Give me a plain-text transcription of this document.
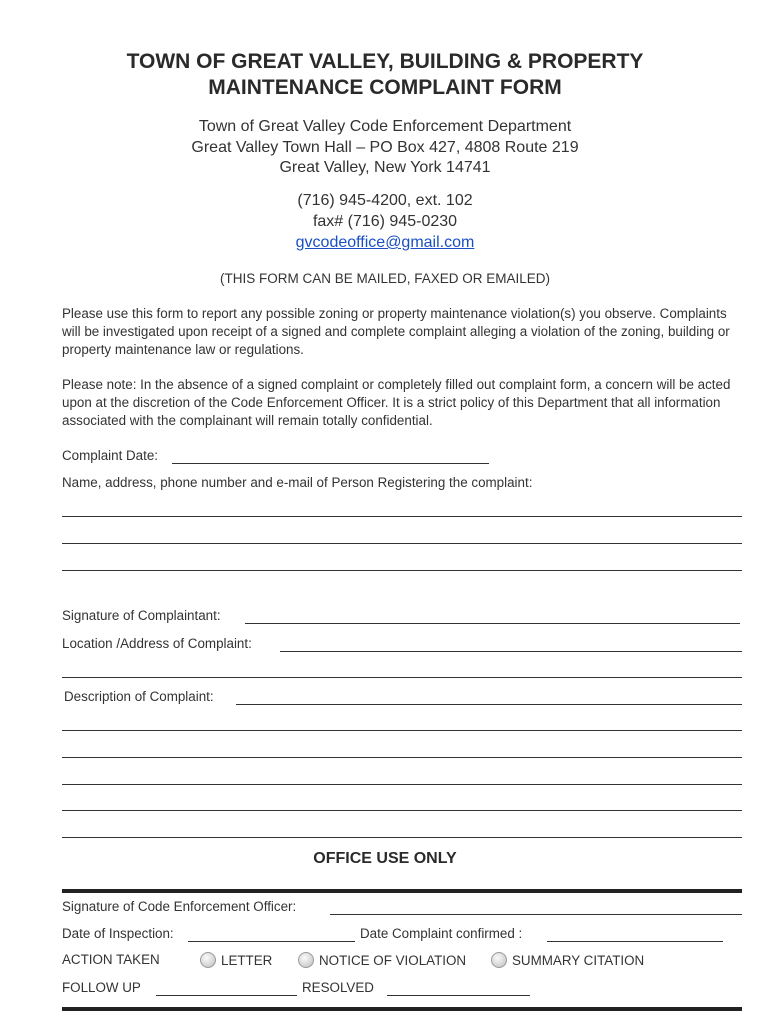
TOWN OF GREAT VALLEY, BUILDING & PROPERTY
MAINTENANCE COMPLAINT FORM
Town of Great Valley Code Enforcement Department
Great Valley Town Hall – PO Box 427, 4808 Route 219
Great Valley, New York 14741
(716) 945-4200, ext. 102
fax# (716) 945-0230
gvcodeoffice@gmail.com
(THIS FORM CAN BE MAILED, FAXED OR EMAILED)
Please use this form to report any possible zoning or property maintenance violation(s) you observe. Complaints will be investigated upon receipt of a signed and complete complaint alleging a violation of the zoning, building or property maintenance law or regulations.
Please note: In the absence of a signed complaint or completely filled out complaint form, a concern will be acted upon at the discretion of the Code Enforcement Officer. It is a strict policy of this Department that all information associated with the complainant will remain totally confidential.
Complaint Date:
Name, address, phone number and e-mail of Person Registering the complaint:
Signature of Complaintant:
Location /Address of Complaint:
Description of Complaint:
OFFICE USE ONLY
Signature of Code Enforcement Officer:
Date of Inspection:	Date Complaint confirmed :
ACTION TAKEN	LETTER	NOTICE OF VIOLATION	SUMMARY CITATION
FOLLOW UP	RESOLVED
